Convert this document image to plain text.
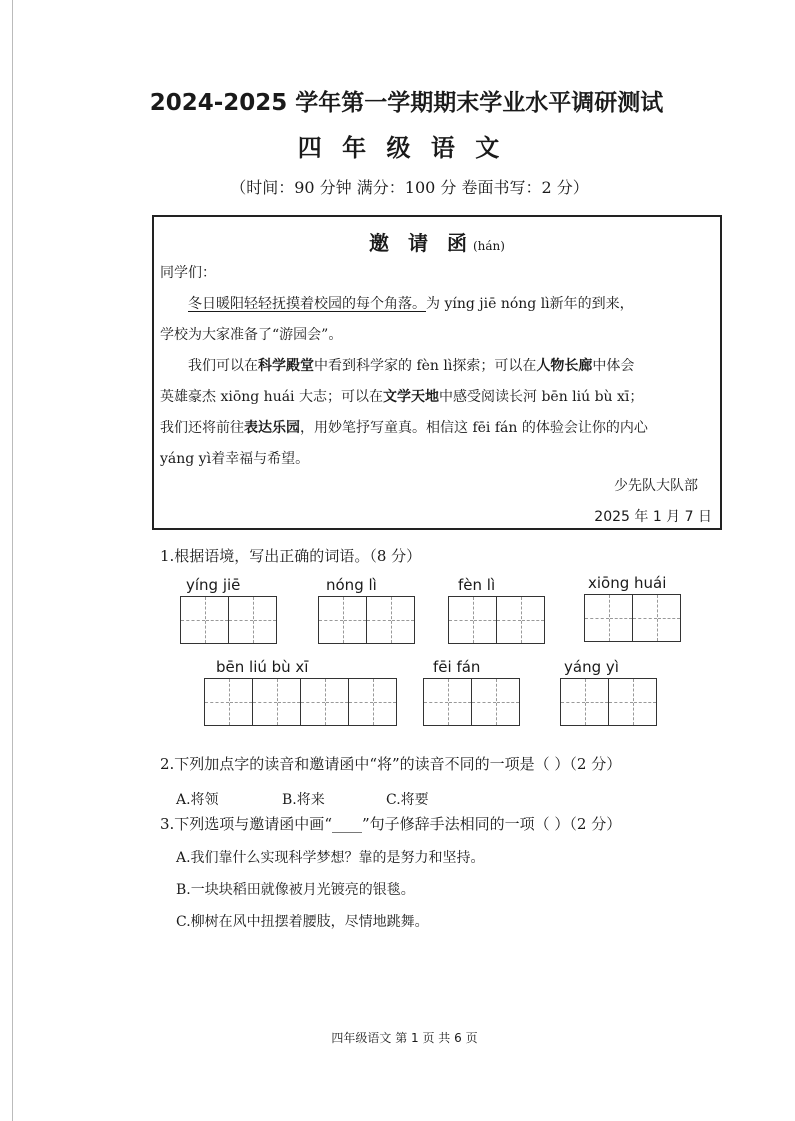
2024-2025 学年第一学期期末学业水平调研测试
四 年 级 语 文
（时间：90 分钟 满分：100 分 卷面书写：2 分）
邀 请 函(hán)
同学们：
冬日暖阳轻轻抚摸着校园的每个角落。为 yíng jiē nóng lì新年的到来，
学校为大家准备了“游园会”。
我们可以在科学殿堂中看到科学家的 fèn lì探索；可以在人物长廊中体会
英雄豪杰 xiōng huái 大志；可以在文学天地中感受阅读长河 bēn liú bù xī；
我们还将前往表达乐园，用妙笔抒写童真。相信这 fēi fán 的体验会让你的内心
yáng yì着幸福与希望。
少先队大队部
2025 年 1 月 7 日
1.根据语境，写出正确的词语。（8 分）
yíng jiē	nóng lì	fèn lì	xiōng huái
bēn liú bù xī	fēi fán	yáng yì
2.下列加点字的读音和邀请函中“将”的读音不同的一项是（ ）（2 分）
A.将领	B.将来	C.将要
3.下列选项与邀请函中画“____”句子修辞手法相同的一项（ ）（2 分）
A.我们靠什么实现科学梦想？靠的是努力和坚持。
B.一块块稻田就像被月光镀亮的银毯。
C.柳树在风中扭摆着腰肢，尽情地跳舞。
四年级语文 第 1 页 共 6 页
